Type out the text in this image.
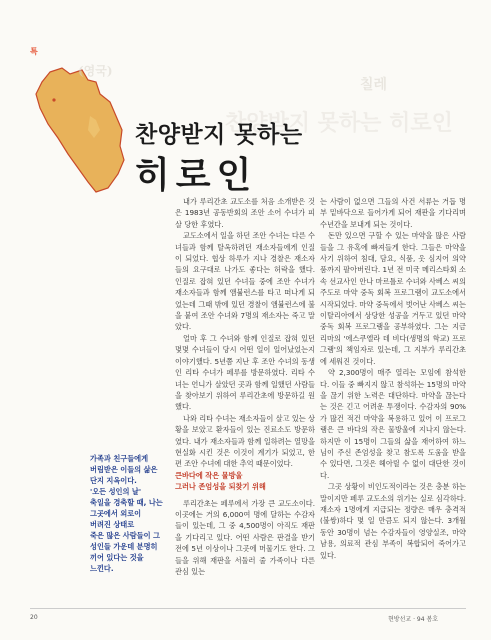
(영국)
칠레
찬양받지 못하는 히로인
특
찬양받지 못하는
히로인
가족과 친구들에게
버림받은 이들의 삶은
단지 지옥이다.
'오든 성인의 날'
축일을 경축할 때, 나는
그곳에서 외로이
버려진 상태로
죽은 많은 사람들이 그
성인들 가운데 분명히
끼어 있다는 것을
느낀다.

내가 루리간초 교도소를 처음 소개받은 것은 1983년 공동반회의 조안 소어 수녀가 피살 당한 후였다.

교도소에서 일을 하던 조안 수녀는 다른 수녀들과 함께 탈옥하려던 재소자들에게 인질이 되었다. 협상 하루가 지나 경찰은 재소자들의 요구대로 나가도 좋다는 허락을 했다. 인질로 잡혀 있던 수녀들 중에 조안 수녀가 재소자들과 함께 앰뷸런스를 타고 떠나게 되었는데 그때 밖에 있던 경찰이 앰뷸런스에 불을 붙여 조안 수녀와 7명의 재소자는 죽고 말았다.

얼마 후 그 수녀와 함께 인질로 잡혀 있던 몇몇 수녀들이 당시 어떤 일이 일어났었는지 이야기했다. 5년쯤 지난 후 조안 수녀의 동생인 리타 수녀가 페루를 방문하였다. 리타 수녀는 언니가 살았던 곳과 함께 일했던 사람들을 찾아보기 위하여 루리간초에 방문하길 원했다.

나와 리타 수녀는 재소자들이 살고 있는 상황을 보았고 환자들이 있는 진료소도 방문하였다. 내가 재소자들과 함께 일하려는 열망을 현실화 시킨 것은 이것이 계기가 되었고, 한편 조안 수녀에 대한 추억 때문이었다.

큰바다에 작은 물방울

그러나 존엄성을 되찾기 위해

루리간초는 페루에서 가장 큰 교도소이다. 이곳에는 거의 6,000여 명에 달하는 수감자들이 있는데, 그 중 4,500명이 아직도 재판을 기다리고 있다. 어떤 사람은 판결을 받기 전에 5년 이상이나 그곳에 머물기도 한다. 그들을 위해 재판을 서둘러 줄 가족이나 다른 관심 있는

는 사람이 없으면 그들의 사건 서류는 거듭 명부 밑바닥으로 들어가게 되어 재판을 기다리며 수년간을 보내게 되는 것이다.

돈만 있으면 구할 수 있는 마약을 많은 사람들을 그 유혹에 빠져들게 한다. 그들은 마약을 사기 위하여 침대, 담요, 식품, 옷 심지어 의약품까지 팔아버린다. 1년 전 미국 메리스타회 소속 선교사인 안나 마르틀로 수녀와 사베스 씨의 주도로 마약 중독 회복 프로그램이 교도소에서 시작되었다. 마약 중독에서 벗어난 사베스 씨는 이탈리아에서 상당한 성공을 거두고 있던 마약 중독 회복 프로그램을 공부하였다. 그는 지금 리마의 '에스쿠엘라 데 비다(생명의 학교) 프로그램'의 책임자로 있는데, 그 지부가 루리간초에 세워진 것이다.

약 2,300명이 매주 열리는 모임에 참석한다. 이들 중 빠지지 않고 참석하는 15명의 마약을 끊기 위한 노력은 대단하다. 마약을 끊는다는 것은 긴고 어려운 투쟁이다. 수감자의 90%가 많건 적건 마약을 복용하고 있어 이 프로그램은 큰 바다의 작은 물방울에 지나지 않는다. 하지만 이 15명이 그들의 삶을 재어하여 하느님이 주신 존엄성을 찾고 참도록 도움을 받을 수 있다면, 그것은 헤아릴 수 없이 대단한 것이다.

그곳 상황이 비인도적이라는 것은 충분 하는 말이지만 페루 교도소의 위기는 실로 심각하다. 재소자 1명에게 지급되는 정량은 매우 충격적(불쌍)하다 몇 일 만큼도 되지 않는다. 3개월 동안 30명이 넘는 수감자들이 영양실조, 마약 남용, 의료적 관심 부족이 복합되어 죽어가고 있다.

20	현방선교 · 94 봄호
